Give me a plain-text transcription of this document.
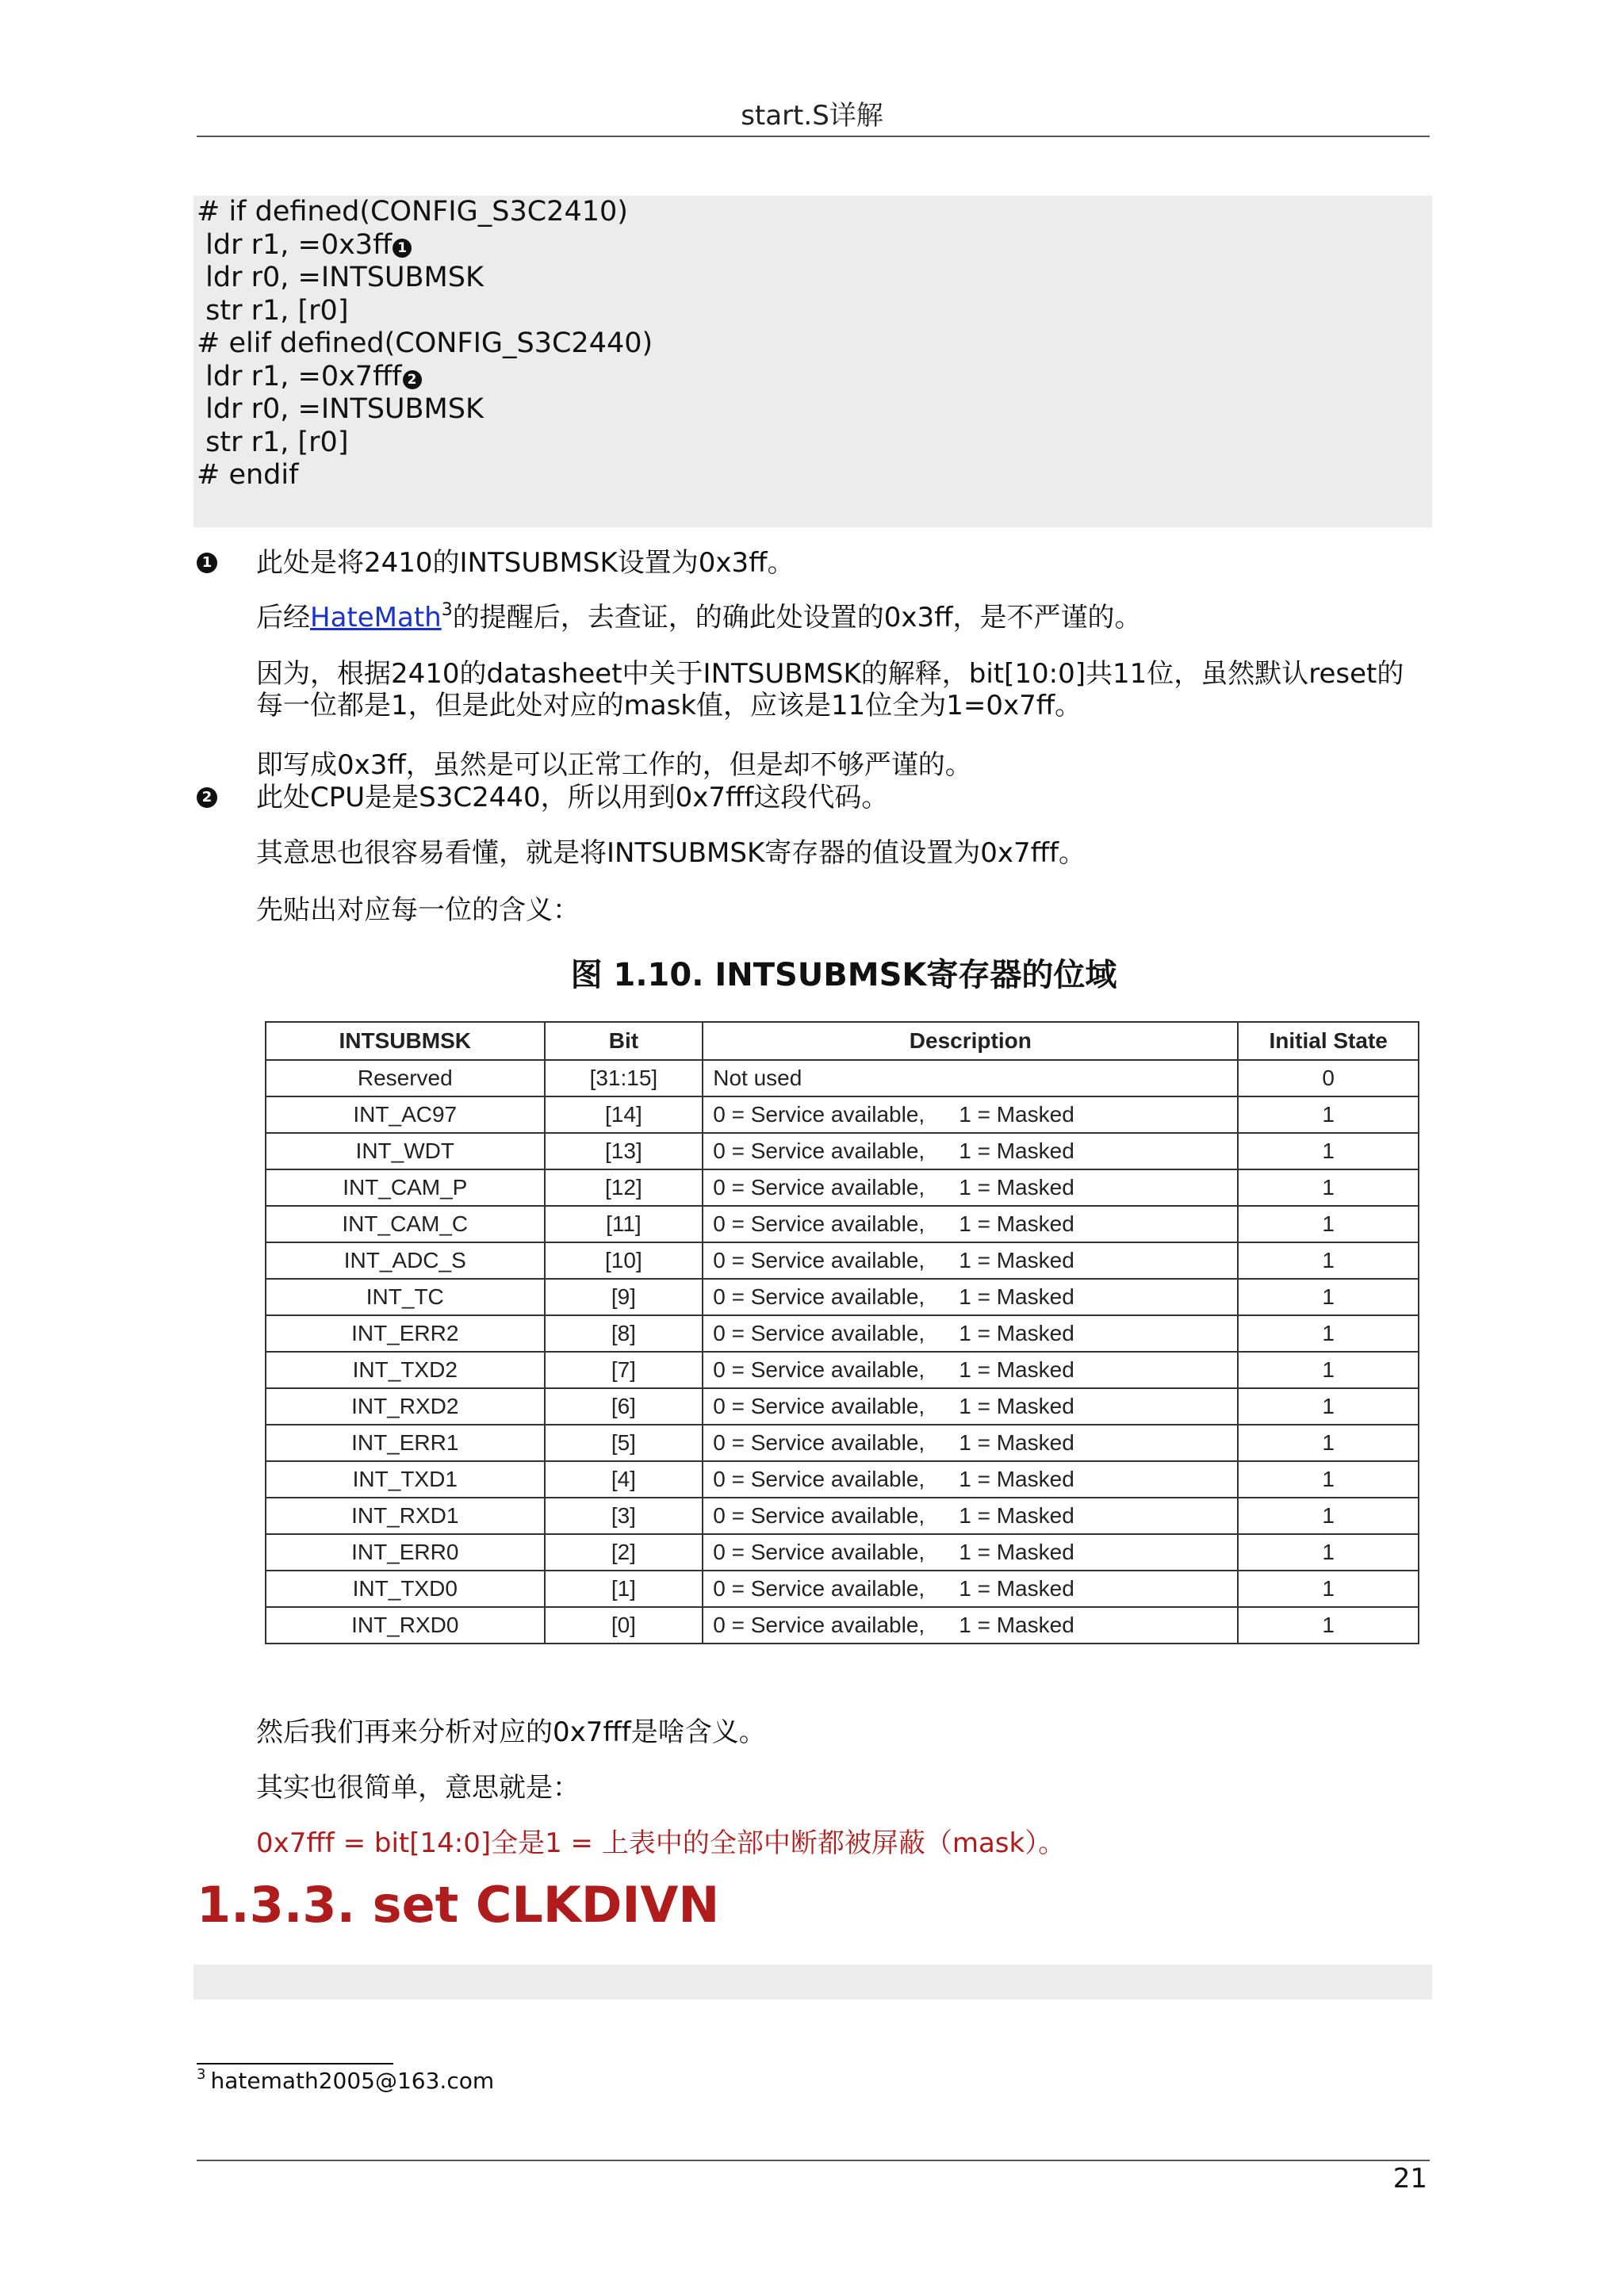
start.S详解
# if defined(CONFIG_S3C2410)
ldr r1, =0x3ff 1
ldr r0, =INTSUBMSK
str r1, [r0]
# elif defined(CONFIG_S3C2440)
ldr r1, =0x7fff 2
ldr r0, =INTSUBMSK
str r1, [r0]
# endif
1 此处是将2410的INTSUBMSK设置为0x3ff。
后经HateMath$^3$的提醒后，去查证，的确此处设置的0x3ff，是不严谨的。
因为，根据2410的datasheet中关于INTSUBMSK的解释，bit[10:0]共11位，虽然默认reset的每一位都是1，但是此处对应的mask值，应该是11位全为1=0x7ff。
即写成0x3ff，虽然是可以正常工作的，但是却不够严谨的。
2 此处CPU是是S3C2440，所以用到0x7fff这段代码。
其意思也很容易看懂，就是将INTSUBMSK寄存器的值设置为0x7fff。
先贴出对应每一位的含义：
图 1.10. INTSUBMSK寄存器的位域
INTSUBMSK	Bit	Description	Initial State
Reserved	[31:15]	Not used	0
INT_AC97	[14]	0 = Service available, 1 = Masked	1
INT_WDT	[13]	0 = Service available, 1 = Masked	1
INT_CAM_P	[12]	0 = Service available, 1 = Masked	1
INT_CAM_C	[11]	0 = Service available, 1 = Masked	1
INT_ADC_S	[10]	0 = Service available, 1 = Masked	1
INT_TC	[9]	0 = Service available, 1 = Masked	1
INT_ERR2	[8]	0 = Service available, 1 = Masked	1
INT_TXD2	[7]	0 = Service available, 1 = Masked	1
INT_RXD2	[6]	0 = Service available, 1 = Masked	1
INT_ERR1	[5]	0 = Service available, 1 = Masked	1
INT_TXD1	[4]	0 = Service available, 1 = Masked	1
INT_RXD1	[3]	0 = Service available, 1 = Masked	1
INT_ERR0	[2]	0 = Service available, 1 = Masked	1
INT_TXD0	[1]	0 = Service available, 1 = Masked	1
INT_RXD0	[0]	0 = Service available, 1 = Masked	1
然后我们再来分析对应的0x7fff是啥含义。
其实也很简单，意思就是：
0x7fff = bit[14:0]全是1 = 上表中的全部中断都被屏蔽（mask）。
1.3.3. set CLKDIVN
$^3$ hatemath2005@163.com
21
